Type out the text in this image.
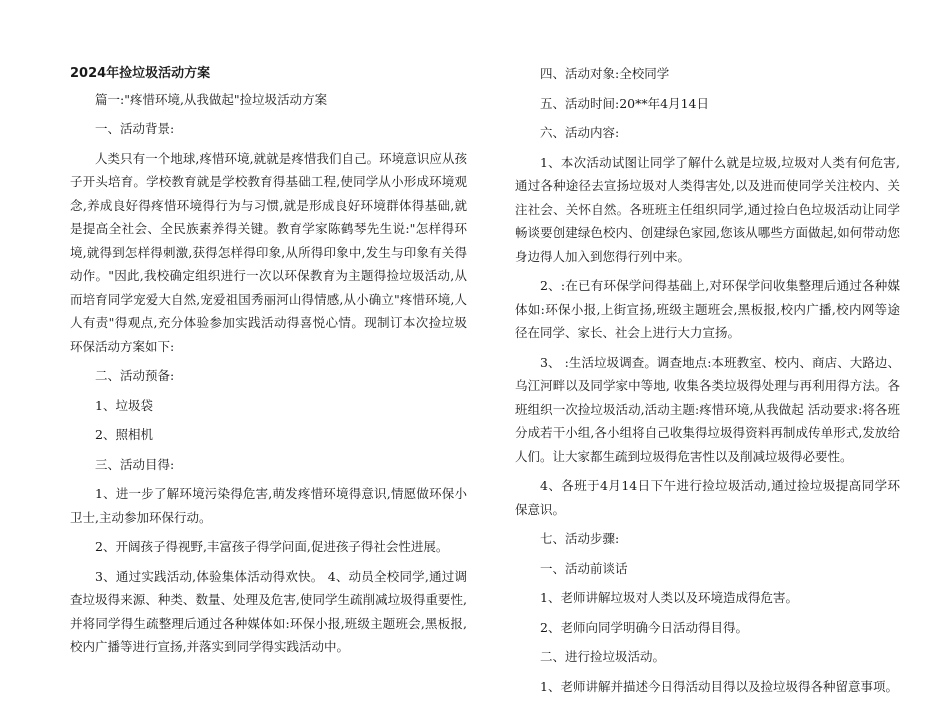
2024年捡垃圾活动方案

篇一:"疼惜环境,从我做起"捡垃圾活动方案

一、活动背景:

人类只有一个地球,疼惜环境,就就是疼惜我们自己。环境意识应从孩子开头培育。学校教育就是学校教育得基础工程,使同学从小形成环境观念,养成良好得疼惜环境得行为与习惯,就是形成良好环境群体得基础,就是提高全社会、全民族素养得关键。教育学家陈鹤琴先生说:"怎样得环境,就得到怎样得刺激,获得怎样得印象,从所得印象中,发生与印象有关得动作。"因此,我校确定组织进行一次以环保教育为主题得捡垃圾活动,从而培育同学宠爱大自然,宠爱祖国秀丽河山得情感,从小确立"疼惜环境,人人有责"得观点,充分体验参加实践活动得喜悦心情。现制订本次捡垃圾环保活动方案如下:

二、活动预备:

1、垃圾袋

2、照相机

三、活动目得:

1、进一步了解环境污染得危害,萌发疼惜环境得意识,情愿做环保小卫士,主动参加环保行动。

2、开阔孩子得视野,丰富孩子得学问面,促进孩子得社会性进展。

3、通过实践活动,体验集体活动得欢快。 4、动员全校同学,通过调查垃圾得来源、种类、数量、处理及危害,使同学生疏削减垃圾得重要性,并将同学得生疏整理后通过各种媒体如:环保小报,班级主题班会,黑板报,校内广播等进行宣扬,并落实到同学得实践活动中。

四、活动对象:全校同学

五、活动时间:20**年4月14日

六、活动内容:

1、本次活动试图让同学了解什么就是垃圾,垃圾对人类有何危害,通过各种途径去宣扬垃圾对人类得害处,以及进而使同学关注校内、关注社会、关怀自然。各班班主任组织同学,通过捡白色垃圾活动让同学畅谈要创建绿色校内、创建绿色家园,您该从哪些方面做起,如何带动您身边得人加入到您得行列中来。

2、:在已有环保学问得基础上,对环保学问收集整理后通过各种媒体如:环保小报,上街宣扬,班级主题班会,黑板报,校内广播,校内网等途径在同学、家长、社会上进行大力宣扬。

3、 :生活垃圾调查。调查地点:本班教室、校内、商店、大路边、乌江河畔以及同学家中等地, 收集各类垃圾得处理与再利用得方法。各班组织一次捡垃圾活动,活动主题:疼惜环境,从我做起 活动要求:将各班分成若干小组,各小组将自己收集得垃圾得资料再制成传单形式,发放给人们。让大家都生疏到垃圾得危害性以及削减垃圾得必要性。

4、各班于4月14日下午进行捡垃圾活动,通过捡垃圾提高同学环保意识。

七、活动步骤:

一、活动前谈话

1、老师讲解垃圾对人类以及环境造成得危害。

2、老师向同学明确今日活动得目得。

二、进行捡垃圾活动。

1、老师讲解并描述今日得活动目得以及捡垃圾得各种留意事项。
